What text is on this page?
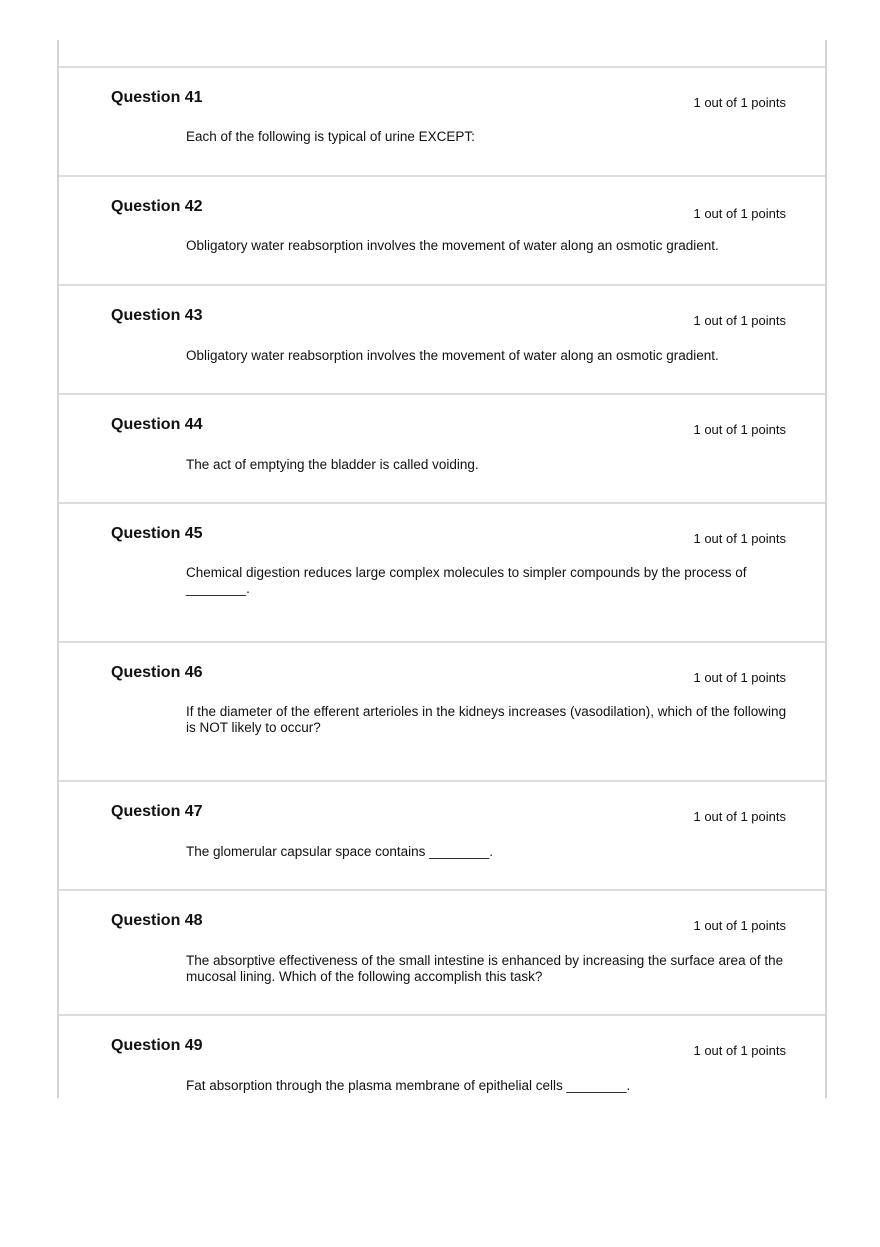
Question 41	1 out of 1 points

Each of the following is typical of urine EXCEPT:

Question 42	1 out of 1 points

Obligatory water reabsorption involves the movement of water along an osmotic gradient.

Question 43	1 out of 1 points

Obligatory water reabsorption involves the movement of water along an osmotic gradient.

Question 44	1 out of 1 points

The act of emptying the bladder is called voiding.

Question 45	1 out of 1 points

Chemical digestion reduces large complex molecules to simpler compounds by the process of ________.

Question 46	1 out of 1 points

If the diameter of the efferent arterioles in the kidneys increases (vasodilation), which of the following is NOT likely to occur?

Question 47	1 out of 1 points

The glomerular capsular space contains ________.

Question 48	1 out of 1 points

The absorptive effectiveness of the small intestine is enhanced by increasing the surface area of the mucosal lining. Which of the following accomplish this task?

Question 49	1 out of 1 points

Fat absorption through the plasma membrane of epithelial cells ________.
